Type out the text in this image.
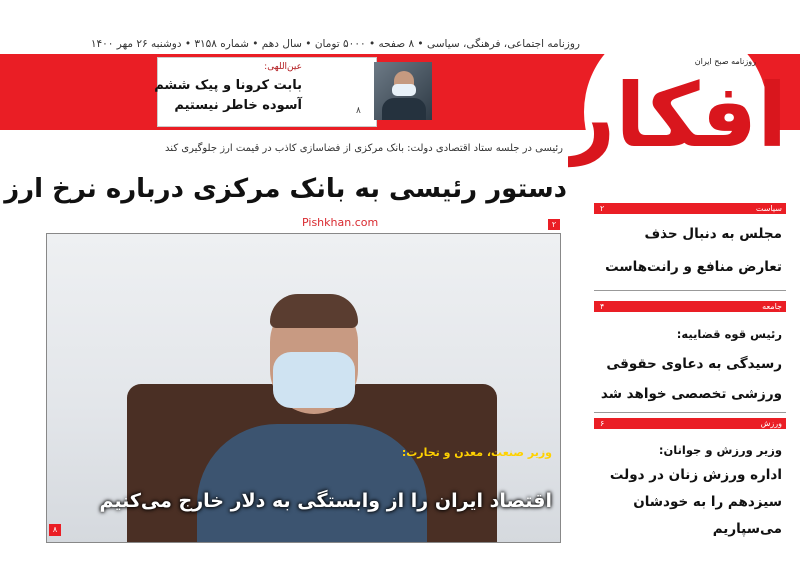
روزنامه اجتماعی، فرهنگی، سیاسی • ۸ صفحه • ۵۰۰۰ تومان • سال دهم • شماره ۳۱۵۸ • دوشنبه ۲۶ مهر ۱۴۰۰
افکار
روزنامه صبح ایران
عین‌اللهی:
بابت کرونا و پیک ششم
آسوده خاطر نیستیم	۸
رئیسی در جلسه ستاد اقتصادی دولت: بانک مرکزی از فضاسازی کاذب در قیمت ارز جلوگیری کند
دستور رئیسی به بانک مرکزی درباره نرخ ارز
Pishkhan.com	۲
وزیر صنعت، معدن و تجارت:
اقتصاد ایران را از وابستگی به دلار خارج می‌کنیم
۸
سیاست
۲
مجلس به دنبال حذف
تعارض منافع و رانت‌هاست
جامعه
۴
رئیس قوه قضاییه:
رسیدگی به دعاوی حقوقی
ورزشی تخصصی خواهد شد
ورزش
۶
وزیر ورزش و جوانان:
اداره ورزش زنان در دولت
سیزدهم را به خودشان
می‌سپاریم
